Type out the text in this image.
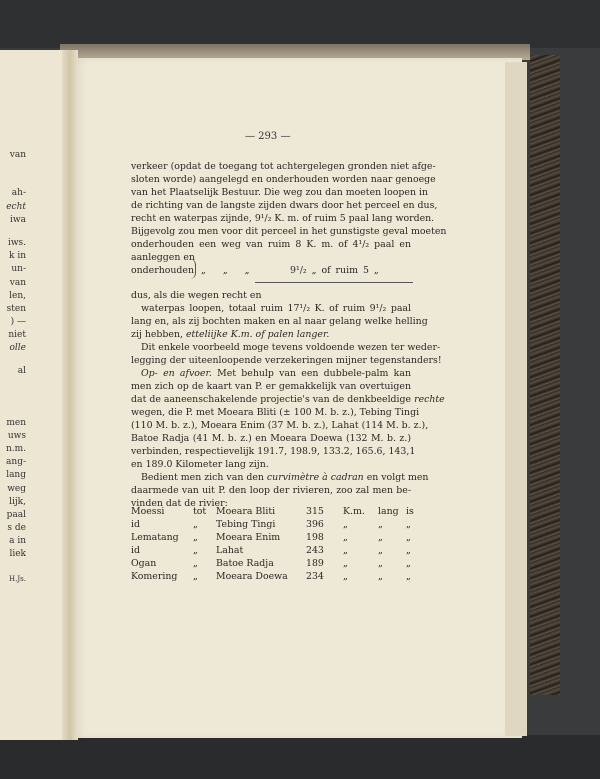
van
ah-
echt
iwa
iws.
k in
un-
van
len,
sten
) —
niet
olle
al
men
uws
n.m.
ang-
lang
weg
lijk,
paal
s de
a in
liek
H.Js.
— 293 —
verkeer (opdat de toegang tot achtergelegen gronden niet afge-
sloten worde) aangelegd en onderhouden worden naar genoege
van het Plaatselijk Bestuur. Die weg zou dan moeten loopen in
de richting van de langste zijden dwars door het perceel en dus,
recht en waterpas zijnde, 9¹/₂ K. m. of ruim 5 paal lang worden.
Bijgevolg zou men voor dit perceel in het gunstigste geval moeten
onderhouden een weg van ruim 8 K. m. of 4¹/₂ paal en
aanleggen en
onderhouden „ „ „	9¹/₂ „ of ruim 5 „
dus, als die wegen recht en
waterpas loopen, totaal ruim 17¹/₂ K. of ruim 9¹/₂ paal
lang en, als zij bochten maken en al naar gelang welke helling
zij hebben, etteliijke K.m. of palen langer.
Dit enkele voorbeeld moge tevens voldoende wezen ter weder-
legging der uiteenloopende verzekeringen mijner tegenstanders!
Op- en afvoer. Met behulp van een dubbele-palm kan
men zich op de kaart van P. er gemakkelijk van overtuigen
dat de aaneenschakelende projectie's van de denkbeeldige rechte
wegen, die P. met Moeara Bliti (± 100 M. b. z.), Tebing Tingi
(110 M. b. z.), Moeara Enim (37 M. b. z.), Lahat (114 M. b. z.),
Batoe Radja (41 M. b. z.) en Moeara Doewa (132 M. b. z.)
verbinden, respectievelijk 191.7, 198.9, 133.2, 165.6, 143,1
en 189.0 Kilometer lang zijn.
Bedient men zich van den curvimètre à cadran en volgt men
daarmede van uit P. den loop der rivieren, zoo zal men be-
vinden dat de rivier:
Moessi	tot Moeara Bliti	315 K.m. lang is
id	„ Tebing Tingi	396 „	„ „
Lematang „ Moeara Enim	198 „	„ „
id	„ Lahat	243 „	„ „
Ogan	„ Batoe Radja	189 „	„ „
Komering „ Moeara Doewa 234 „	„ „
